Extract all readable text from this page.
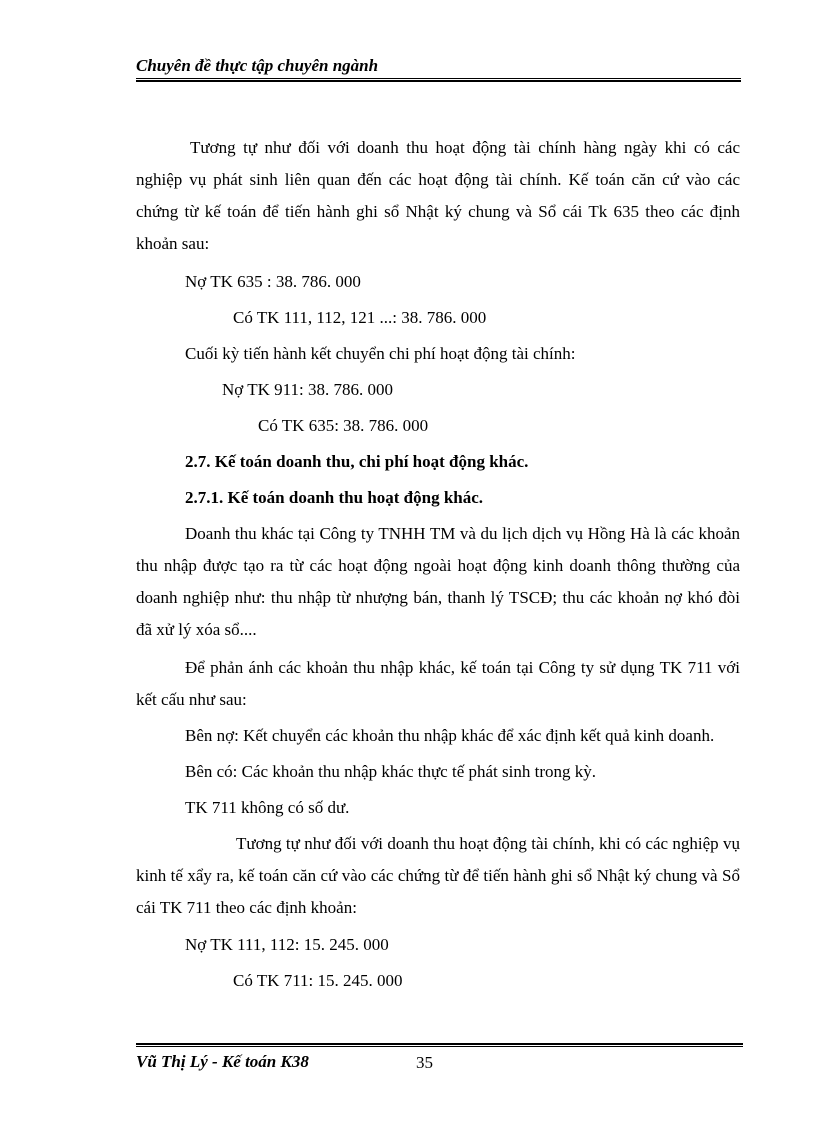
Chuyên đề thực tập chuyên ngành
Tương tự như đối với doanh thu hoạt động tài chính hàng ngày khi có các nghiệp vụ phát sinh liên quan đến các hoạt động tài chính. Kế toán căn cứ vào các chứng từ kế toán để tiến hành ghi sổ Nhật ký chung và Sổ cái Tk 635 theo các định khoản sau:
Nợ TK 635 : 38. 786. 000
Có TK 111, 112, 121 ...: 38. 786. 000
Cuối kỳ tiến hành kết chuyển chi phí hoạt động tài chính:
Nợ TK 911: 38. 786. 000
Có TK 635: 38. 786. 000
2.7. Kế toán doanh thu, chi phí hoạt động khác.
2.7.1. Kế toán doanh thu hoạt động khác.
Doanh thu khác tại Công ty TNHH TM và du lịch dịch vụ Hồng Hà là các khoản thu nhập được tạo ra từ các hoạt động ngoài hoạt động kinh doanh thông thường của doanh nghiệp như: thu nhập từ nhượng bán, thanh lý TSCĐ; thu các khoản nợ khó đòi đã xử lý xóa sổ....
Để phản ánh các khoản thu nhập khác, kế toán tại Công ty sử dụng TK 711 với kết cấu như sau:
Bên nợ: Kết chuyển các khoản thu nhập khác để xác định kết quả kinh doanh.
Bên có: Các khoản thu nhập khác thực tế phát sinh trong kỳ.
TK 711 không có số dư.
Tương tự như đối với doanh thu hoạt động tài chính, khi có các nghiệp vụ kinh tế xẩy ra, kế toán căn cứ vào các chứng từ để tiến hành ghi sổ Nhật ký chung và Sổ cái TK 711 theo các định khoản:
Nợ TK 111, 112: 15. 245. 000
Có TK 711: 15. 245. 000
Vũ Thị Lý - Kế toán K38	35
